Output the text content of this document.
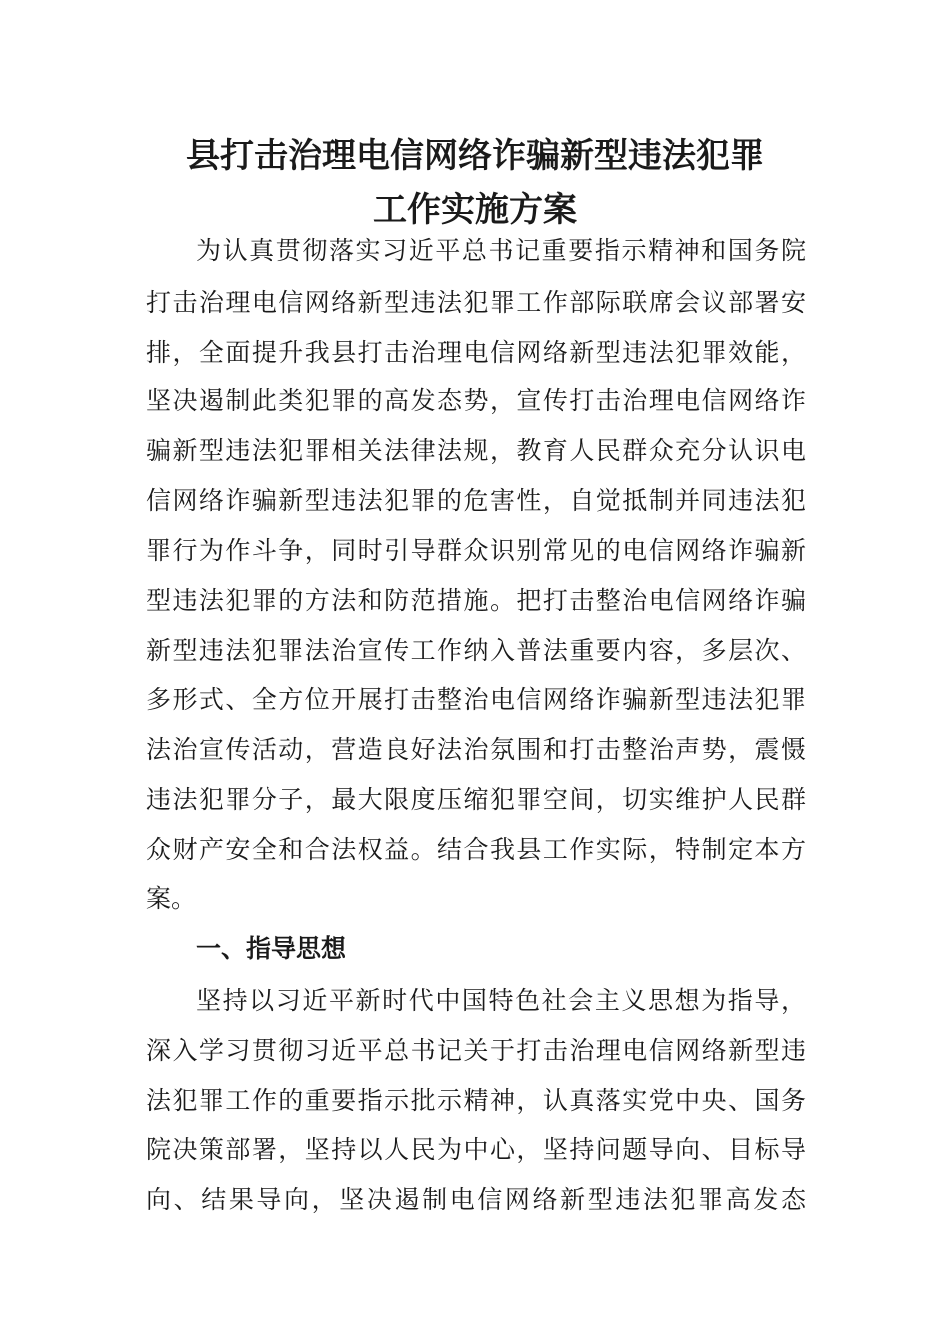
县打击治理电信网络诈骗新型违法犯罪
工作实施方案
为认真贯彻落实习近平总书记重要指示精神和国务院
打击治理电信网络新型违法犯罪工作部际联席会议部署安
排，全面提升我县打击治理电信网络新型违法犯罪效能，
坚决遏制此类犯罪的高发态势，宣传打击治理电信网络诈
骗新型违法犯罪相关法律法规，教育人民群众充分认识电
信网络诈骗新型违法犯罪的危害性，自觉抵制并同违法犯
罪行为作斗争，同时引导群众识别常见的电信网络诈骗新
型违法犯罪的方法和防范措施。把打击整治电信网络诈骗
新型违法犯罪法治宣传工作纳入普法重要内容，多层次、
多形式、全方位开展打击整治电信网络诈骗新型违法犯罪
法治宣传活动，营造良好法治氛围和打击整治声势，震慑
违法犯罪分子，最大限度压缩犯罪空间，切实维护人民群
众财产安全和合法权益。结合我县工作实际，特制定本方
案。
一、指导思想
坚持以习近平新时代中国特色社会主义思想为指导，
深入学习贯彻习近平总书记关于打击治理电信网络新型违
法犯罪工作的重要指示批示精神，认真落实党中央、国务
院决策部署，坚持以人民为中心，坚持问题导向、目标导
向、结果导向，坚决遏制电信网络新型违法犯罪高发态
